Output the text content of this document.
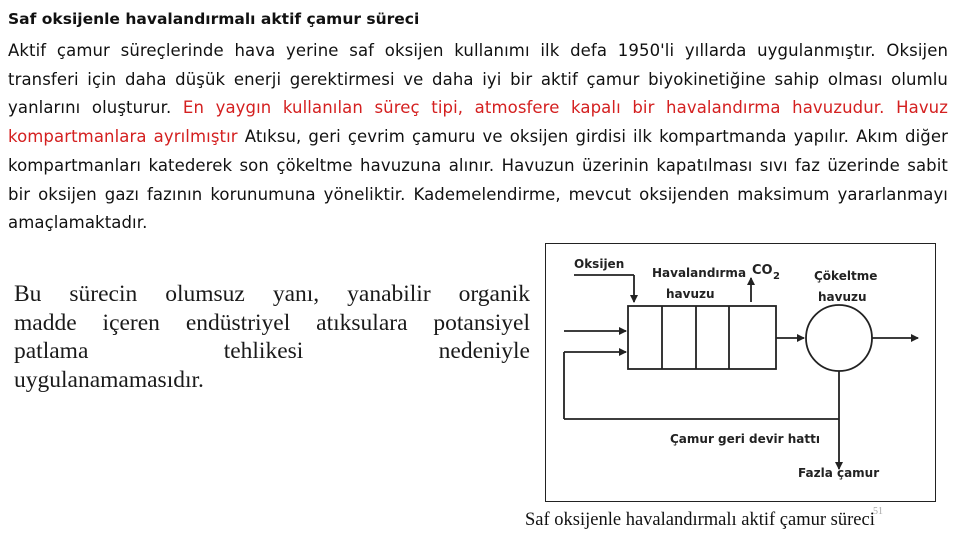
Saf oksijenle havalandırmalı aktif çamur süreci
Aktif çamur süreçlerinde hava yerine saf oksijen kullanımı ilk defa 1950'li yıllarda uygulanmıştır. Oksijen transferi için daha düşük enerji gerektirmesi ve daha iyi bir aktif çamur biyokinetiğine sahip olması olumlu yanlarını oluşturur. En yaygın kullanılan süreç tipi, atmosfere kapalı bir havalandırma havuzudur. Havuz kompartmanlara ayrılmıştır Atıksu, geri çevrim çamuru ve oksijen girdisi ilk kompartmanda yapılır. Akım diğer kompartmanları katederek son çökeltme havuzuna alınır. Havuzun üzerinin kapatılması sıvı faz üzerinde sabit bir oksijen gazı fazının korunumuna yöneliktir. Kademelendirme, mevcut oksijenden maksimum yararlanmayı amaçlamaktadır.
Bu sürecin olumsuz yanı, yanabilir organik
madde içeren endüstriyel atıksulara potansiyel
patlama tehlikesi nedeniyle
uygulanamamasıdır.
Oksijen
Havalandırma
havuzu
CO 2	Çökeltme
havuzu
Çamur geri devir hattı
Fazla çamur
51
Saf oksijenle havalandırmalı aktif çamur süreci
